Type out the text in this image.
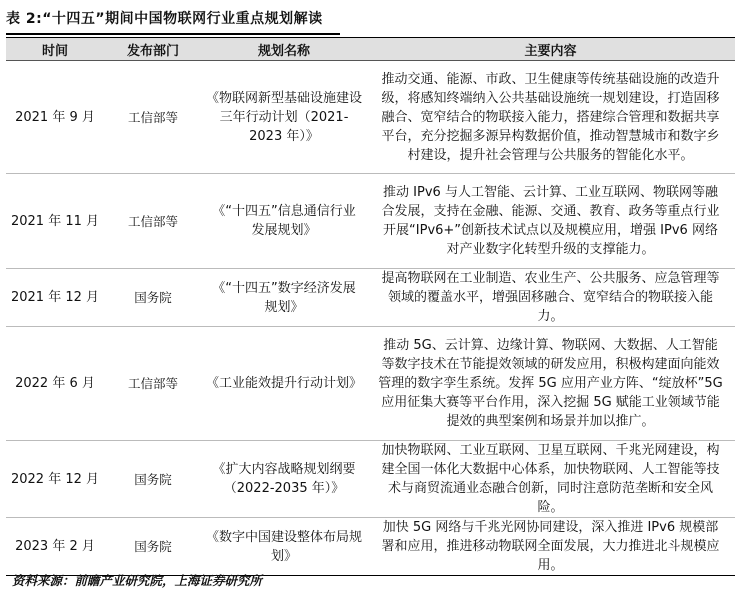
表 2:“十四五”期间中国物联网行业重点规划解读
时间	发布部门	规划名称	主要内容
2021 年 9 月	工信部等	《物联网新型基础设施建设三年行动计划（2021-2023 年）》	推动交通、能源、市政、卫生健康等传统基础设施的改造升级，将感知终端纳入公共基础设施统一规划建设，打造固移融合、宽窄结合的物联接入能力，搭建综合管理和数据共享平台，充分挖掘多源异构数据价值，推动智慧城市和数字乡村建设，提升社会管理与公共服务的智能化水平。
2021 年 11 月	工信部等	《“十四五”信息通信行业发展规划》	推动 IPv6 与人工智能、云计算、工业互联网、物联网等融合发展，支持在金融、能源、交通、教育、政务等重点行业开展“IPv6+”创新技术试点以及规模应用，增强 IPv6 网络对产业数字化转型升级的支撑能力。
2021 年 12 月	国务院	《“十四五”数字经济发展规划》	提高物联网在工业制造、农业生产、公共服务、应急管理等领域的覆盖水平，增强固移融合、宽窄结合的物联接入能力。
2022 年 6 月	工信部等	《工业能效提升行动计划》	推动 5G、云计算、边缘计算、物联网、大数据、人工智能等数字技术在节能提效领域的研发应用，积极构建面向能效管理的数字孪生系统。发挥 5G 应用产业方阵、“绽放杯”5G 应用征集大赛等平台作用，深入挖掘 5G 赋能工业领域节能提效的典型案例和场景并加以推广。
2022 年 12 月	国务院	《扩大内容战略规划纲要（2022-2035 年）》	加快物联网、工业互联网、卫星互联网、千兆光网建设，构建全国一体化大数据中心体系，加快物联网、人工智能等技术与商贸流通业态融合创新，同时注意防范垄断和安全风险。
2023 年 2 月	国务院	《数字中国建设整体布局规划》	加快 5G 网络与千兆光网协同建设，深入推进 IPv6 规模部署和应用，推进移动物联网全面发展，大力推进北斗规模应用。
资料来源：前瞻产业研究院，上海证券研究所
